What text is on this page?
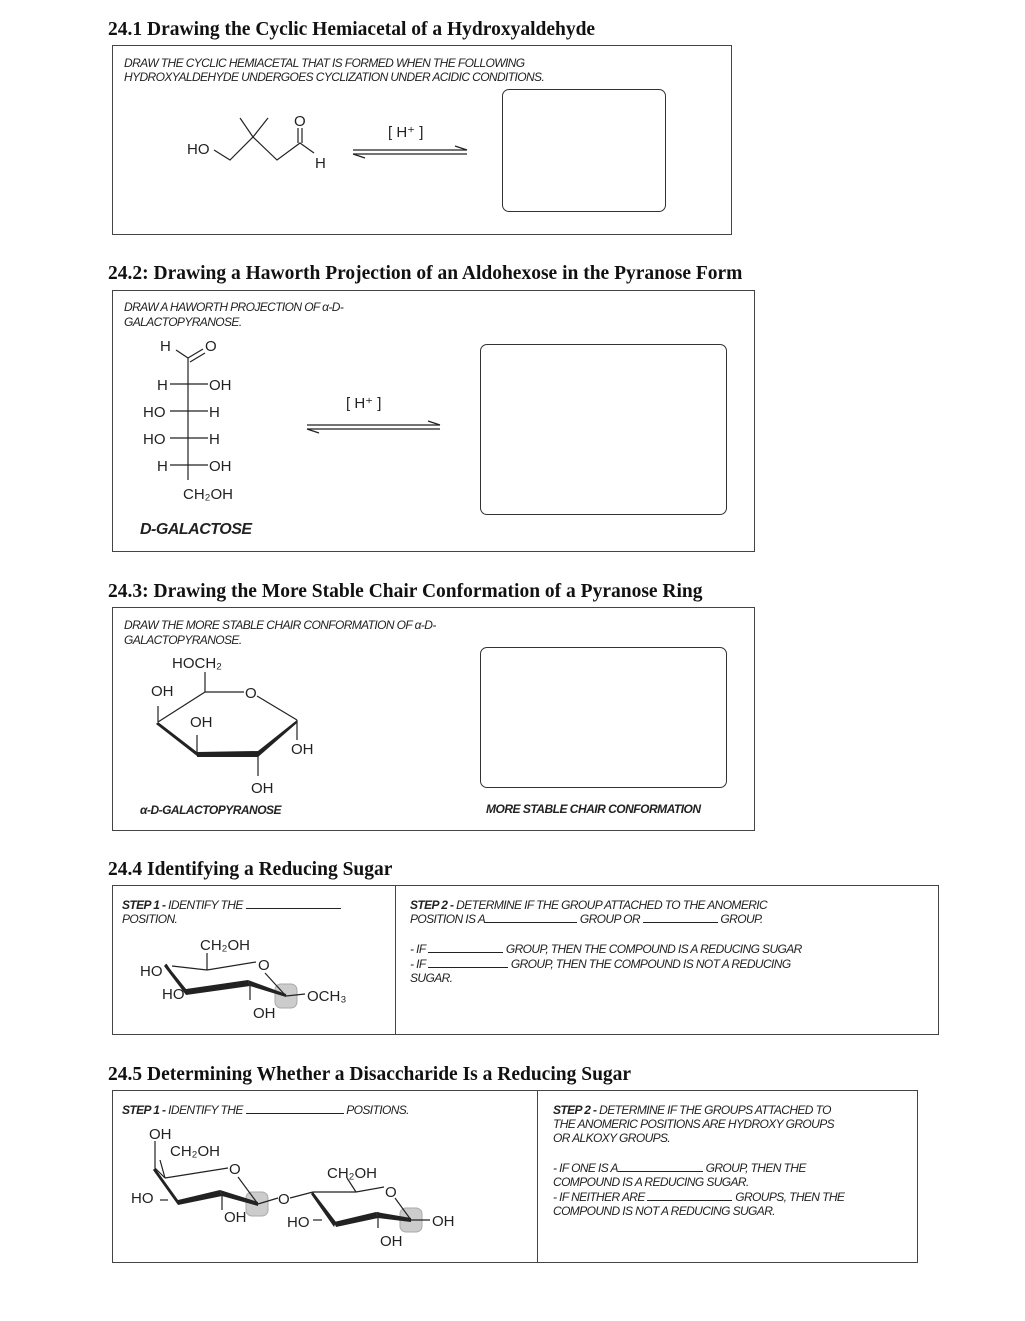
24.1 Drawing the Cyclic Hemiacetal of a Hydroxyaldehyde
DRAW THE CYCLIC HEMIACETAL THAT IS FORMED WHEN THE FOLLOWING
HYDROXYALDEHYDE UNDERGOES CYCLIZATION UNDER ACIDIC CONDITIONS.
HO
O
H
[ H⁺ ]
24.2: Drawing a Haworth Projection of an Aldohexose in the Pyranose Form
DRAW A HAWORTH PROJECTION OF α-D-
GALACTOPYRANOSE.
H O
H	OH
HO	H
HO	H
H	OH
CH₂OH
[ H⁺ ]
D-GALACTOSE
24.3: Drawing the More Stable Chair Conformation of a Pyranose Ring
DRAW THE MORE STABLE CHAIR CONFORMATION OF α-D-
GALACTOPYRANOSE.
HOCH₂
OH	O
OH
OH
OH
α-D-GALACTOPYRANOSE	MORE STABLE CHAIR CONFORMATION
24.4 Identifying a Reducing Sugar
STEP 1 - IDENTIFY THE
POSITION.
STEP 2 - DETERMINE IF THE GROUP ATTACHED TO THE ANOMERIC
POSITION IS A	GROUP OR	GROUP.
- IF	GROUP, THEN THE COMPOUND IS A REDUCING SUGAR
- IF	GROUP, THEN THE COMPOUND IS NOT A REDUCING
SUGAR.
CH₂OH
O
HO
HO
OH
OCH₃
24.5 Determining Whether a Disaccharide Is a Reducing Sugar
STEP 1 - IDENTIFY THE	POSITIONS.	STEP 2 - DETERMINE IF THE GROUPS ATTACHED TO
THE ANOMERIC POSITIONS ARE HYDROXY GROUPS
OR ALKOXY GROUPS.
- IF ONE IS A	GROUP, THEN THE
COMPOUND IS A REDUCING SUGAR.
- IF NEITHER ARE	GROUPS, THEN THE
COMPOUND IS NOT A REDUCING SUGAR.
OH
CH₂OH
O
HO
OH
O
CH₂OH
O
HO
OH
OH
